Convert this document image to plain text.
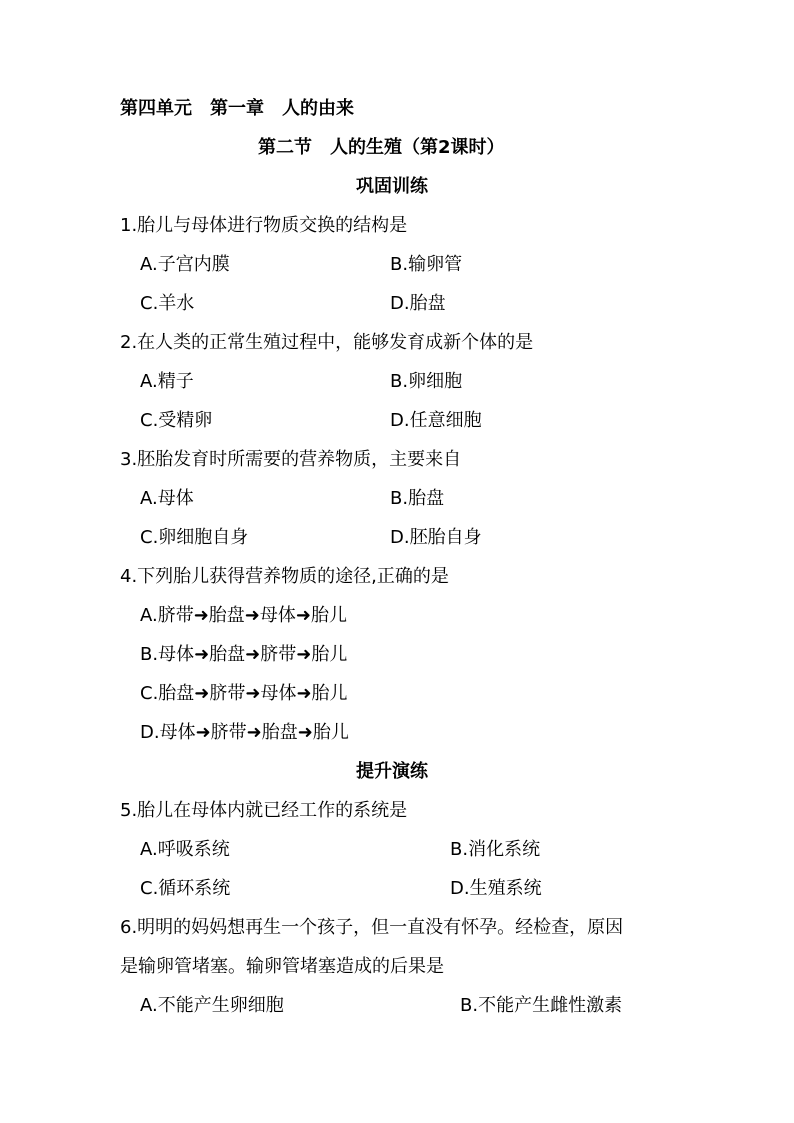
第四单元　第一章　人的由来
第二节　人的生殖（第2课时）
巩固训练
1.胎儿与母体进行物质交换的结构是
A.子宫内膜	B.输卵管
C.羊水	D.胎盘
2.在人类的正常生殖过程中，能够发育成新个体的是
A.精子	B.卵细胞
C.受精卵	D.任意细胞
3.胚胎发育时所需要的营养物质，主要来自
A.母体	B.胎盘
C.卵细胞自身	D.胚胎自身
4.下列胎儿获得营养物质的途径,正确的是
A.脐带➜胎盘➜母体➜胎儿
B.母体➜胎盘➜脐带➜胎儿
C.胎盘➜脐带➜母体➜胎儿
D.母体➜脐带➜胎盘➜胎儿
提升演练
5.胎儿在母体内就已经工作的系统是
A.呼吸系统	B.消化系统
C.循环系统	D.生殖系统
6.明明的妈妈想再生一个孩子，但一直没有怀孕。经检查，原因
是输卵管堵塞。输卵管堵塞造成的后果是
A.不能产生卵细胞	B.不能产生雌性激素
